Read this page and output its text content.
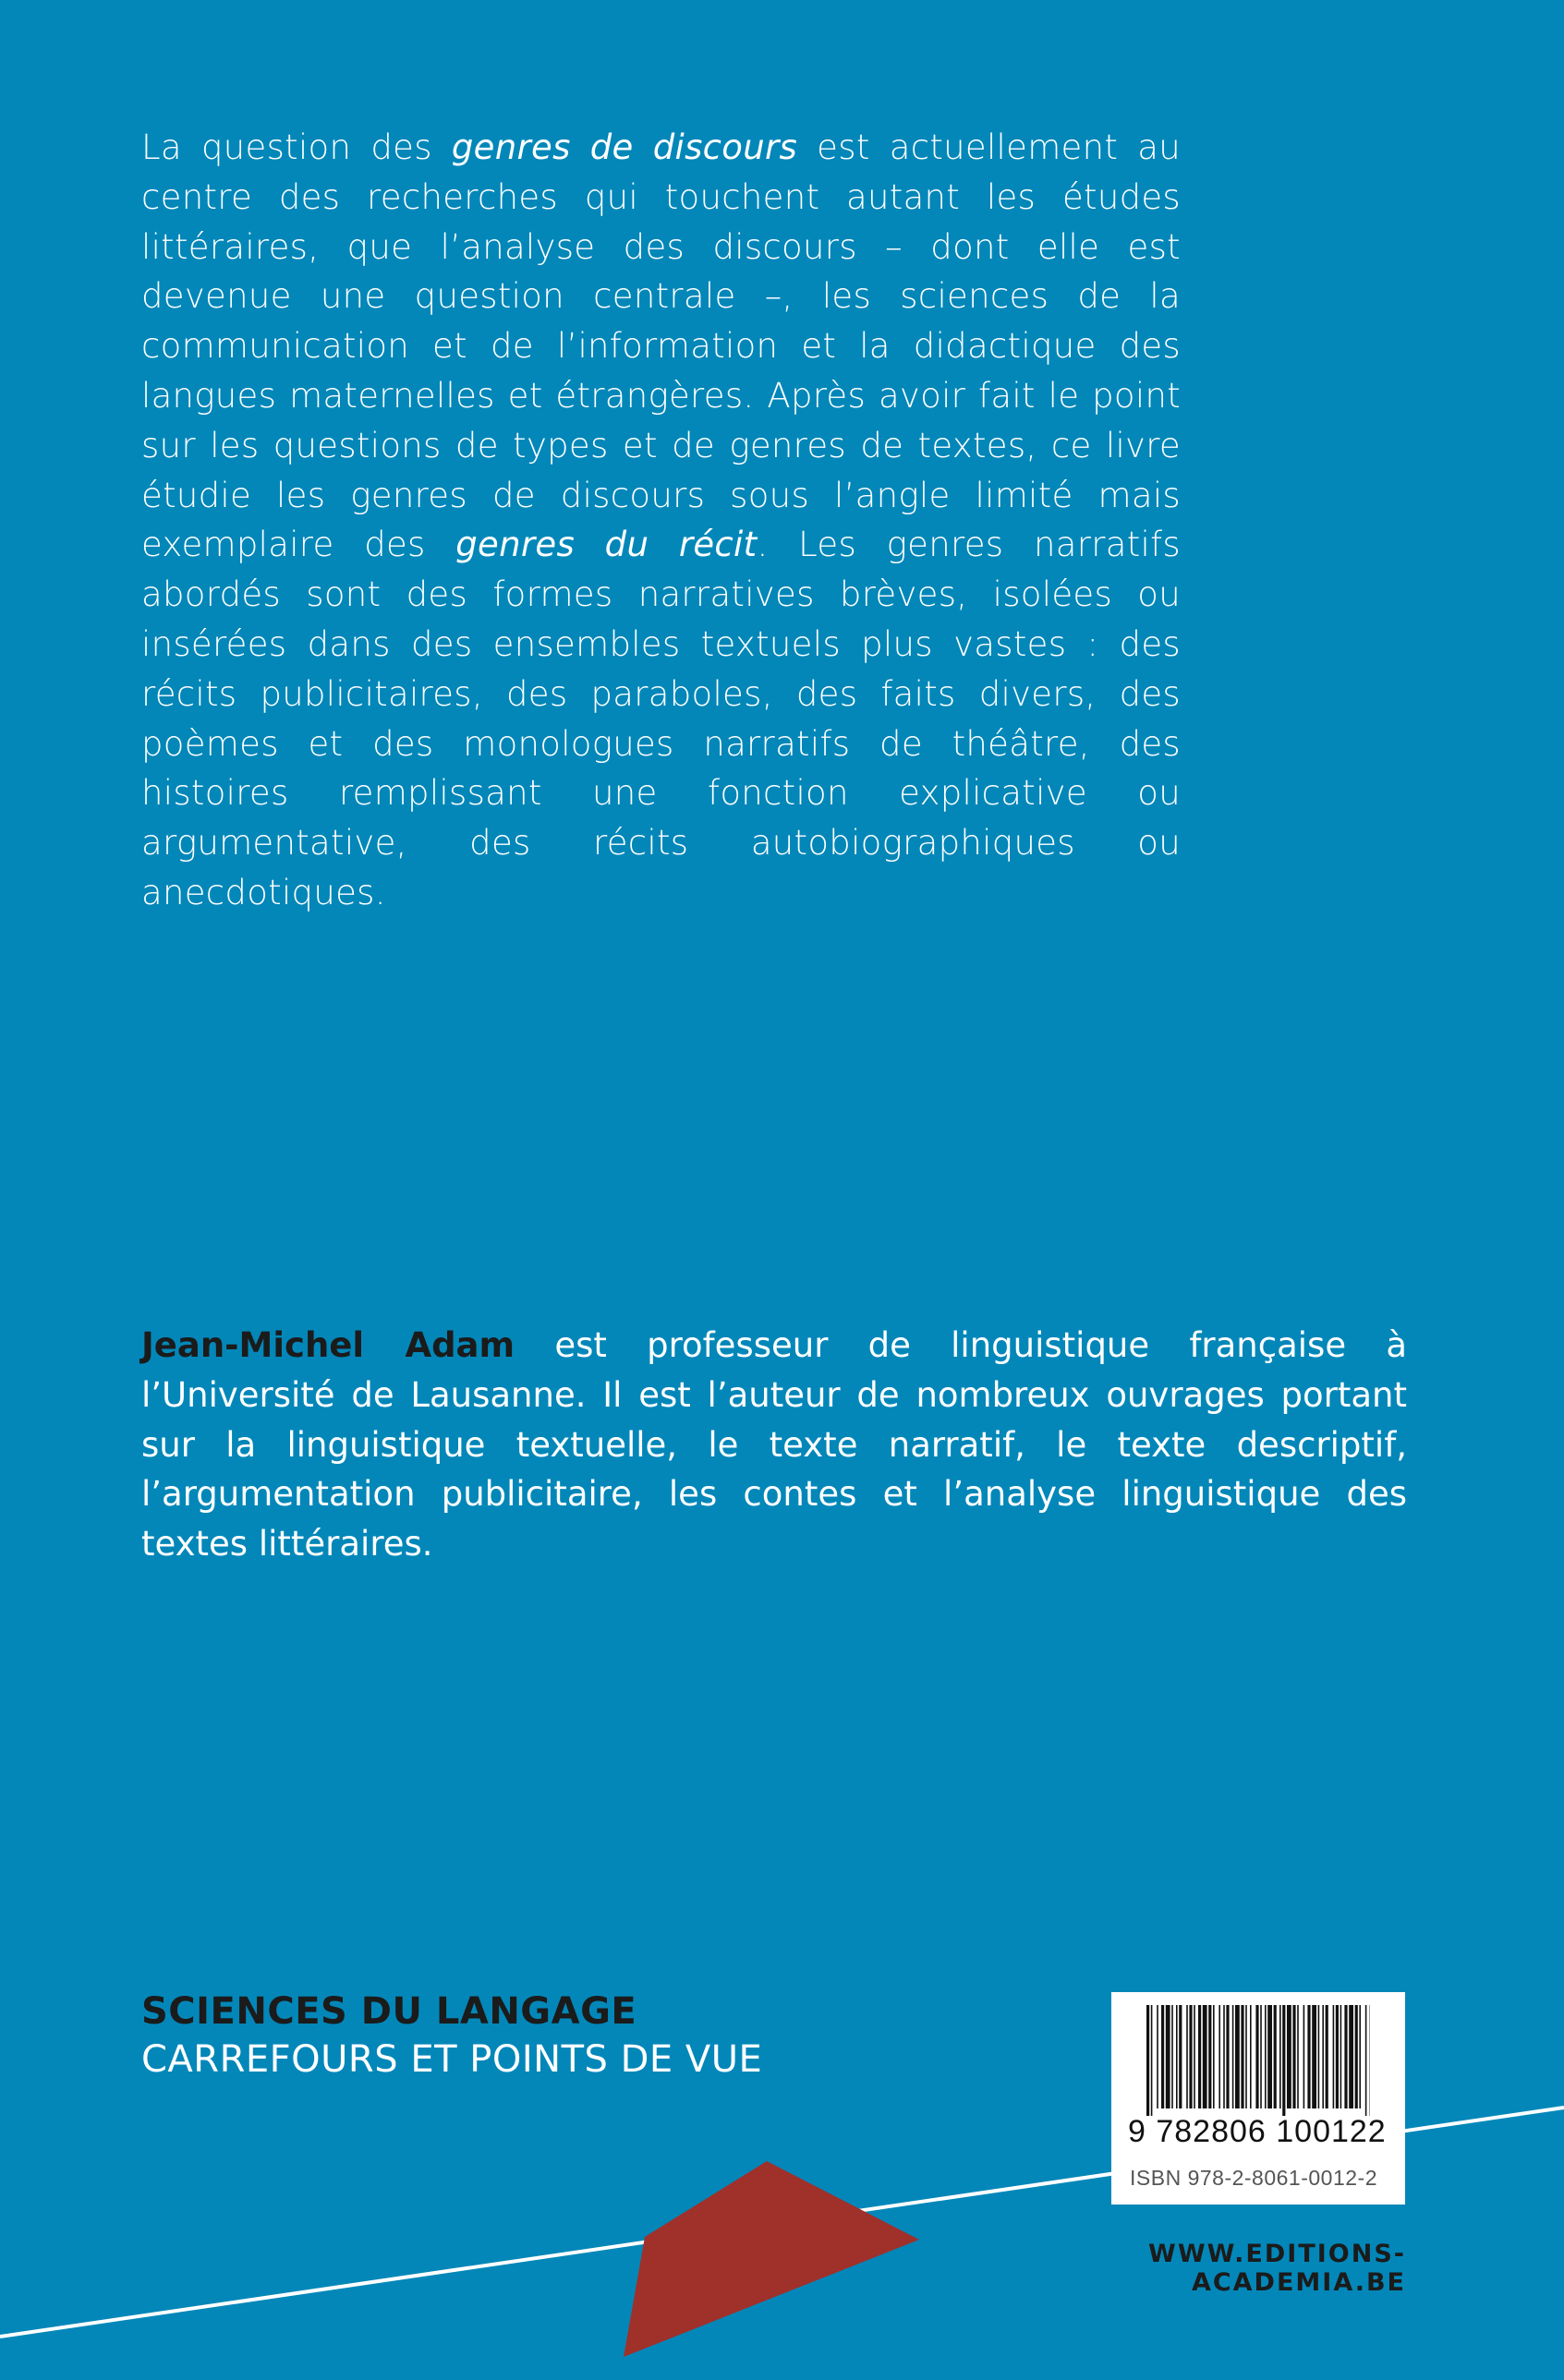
La question des genres de discours est actuellement au centre des recherches qui touchent autant les études littéraires, que l’analyse des discours – dont elle est devenue une question centrale –, les sciences de la communication et de l’information et la didactique des langues maternelles et étrangères. Après avoir fait le point sur les questions de types et de genres de textes, ce livre étudie les genres de discours sous l’angle limité mais exemplaire des genres du récit. Les genres narratifs abordés sont des formes narratives brèves, isolées ou insérées dans des ensembles textuels plus vastes : des récits publicitaires, des paraboles, des faits divers, des poèmes et des monologues narratifs de théâtre, des histoires remplissant une fonction explicative ou argumentative, des récits autobiographiques ou anecdotiques.

Jean-Michel Adam est professeur de linguistique française à l’Université de Lausanne. Il est l’auteur de nombreux ouvrages portant sur la linguistique textuelle, le texte narratif, le texte descriptif, l’argumentation publicitaire, les contes et l’analyse linguistique des textes littéraires.

SCIENCES DU LANGAGE
CARREFOURS ET POINTS DE VUE
9 782806 100122
ISBN 978-2-8061-0012-2
WWW.EDITIONS-ACADEMIA.BE
